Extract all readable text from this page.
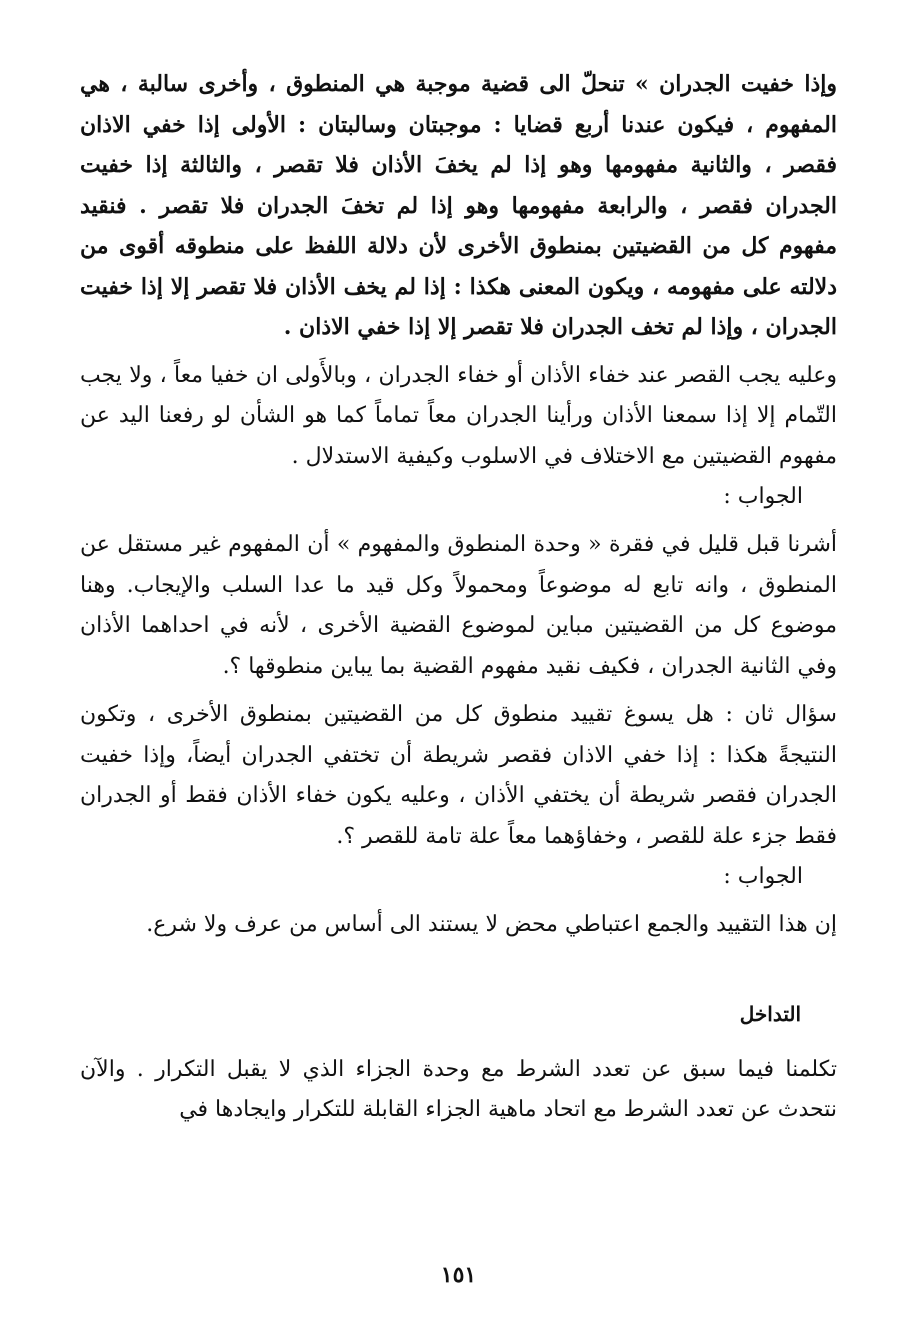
وإذا خفيت الجدران » تنحلّ الى قضية موجبة هي المنطوق ، وأخرى سالبة ، هي المفهوم ، فيكون عندنا أربع قضايا : موجبتان وسالبتان : الأولى إذا خفي الاذان فقصر ، والثانية مفهومها وهو إذا لم يخفَ الأذان فلا تقصر ، والثالثة إذا خفيت الجدران فقصر ، والرابعة مفهومها وهو إذا لم تخفَ الجدران فلا تقصر . فنقيد مفهوم كل من القضيتين بمنطوق الأخرى لأن دلالة اللفظ على منطوقه أقوى من دلالته على مفهومه ، ويكون المعنى هكذا : إذا لم يخف الأذان فلا تقصر إلا إذا خفيت الجدران ، وإذا لم تخف الجدران فلا تقصر إلا إذا خفي الاذان .

وعليه يجب القصر عند خفاء الأذان أو خفاء الجدران ، وبالأَولى ان خفيا معاً ، ولا يجب التّمام إلا إذا سمعنا الأذان ورأينا الجدران معاً تماماً كما هو الشأن لو رفعنا اليد عن مفهوم القضيتين مع الاختلاف في الاسلوب وكيفية الاستدلال .

الجواب :

أشرنا قبل قليل في فقرة « وحدة المنطوق والمفهوم » أن المفهوم غير مستقل عن المنطوق ، وانه تابع له موضوعاً ومحمولاً وكل قيد ما عدا السلب والإيجاب. وهنا موضوع كل من القضيتين مباين لموضوع القضية الأخرى ، لأنه في احداهما الأذان وفي الثانية الجدران ، فكيف نقيد مفهوم القضية بما يباين منطوقها ؟.

سؤال ثان : هل يسوغ تقييد منطوق كل من القضيتين بمنطوق الأخرى ، وتكون النتيجةً هكذا : إذا خفي الاذان فقصر شريطة أن تختفي الجدران أيضاً، وإذا خفيت الجدران فقصر شريطة أن يختفي الأذان ، وعليه يكون خفاء الأذان فقط أو الجدران فقط جزء علة للقصر ، وخفاؤهما معاً علة تامة للقصر ؟.

الجواب :

إن هذا التقييد والجمع اعتباطي محض لا يستند الى أساس من عرف ولا شرع.

التداخل

تكلمنا فيما سبق عن تعدد الشرط مع وحدة الجزاء الذي لا يقبل التكرار . والآن نتحدث عن تعدد الشرط مع اتحاد ماهية الجزاء القابلة للتكرار وايجادها في

١٥١
